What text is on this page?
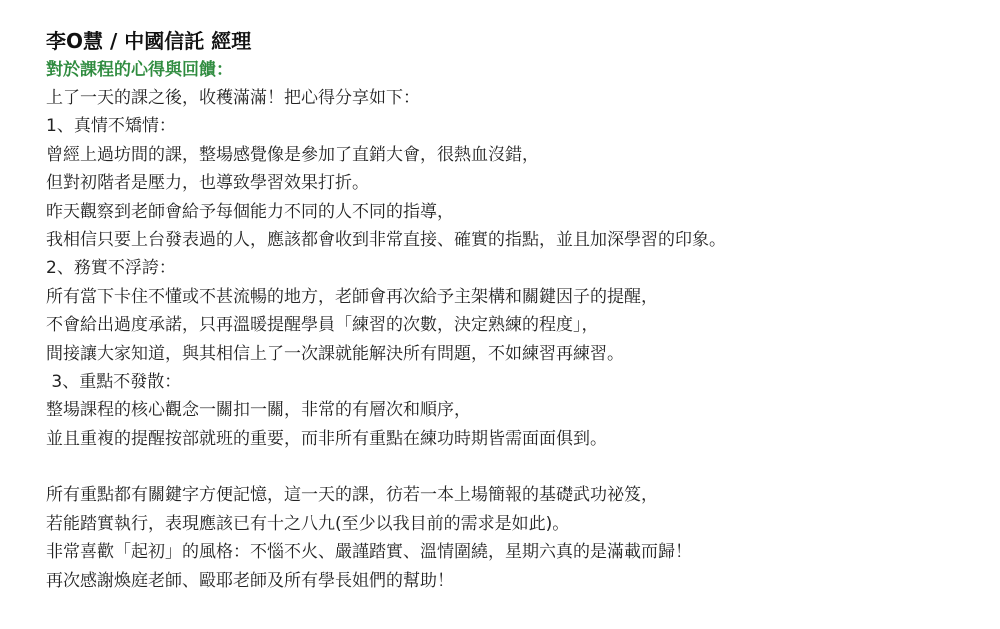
李O慧 / 中國信託 經理
對於課程的心得與回饋：
上了一天的課之後，收穫滿滿！把心得分享如下：
1、真情不矯情：
曾經上過坊間的課，整場感覺像是參加了直銷大會，很熱血沒錯，
但對初階者是壓力，也導致學習效果打折。
昨天觀察到老師會給予每個能力不同的人不同的指導，
我相信只要上台發表過的人，應該都會收到非常直接、確實的指點，並且加深學習的印象。
2、務實不浮誇：
所有當下卡住不懂或不甚流暢的地方，老師會再次給予主架構和關鍵因子的提醒，
不會給出過度承諾，只再溫暖提醒學員「練習的次數，決定熟練的程度」，
間接讓大家知道，與其相信上了一次課就能解決所有問題，不如練習再練習。
3、重點不發散：
整場課程的核心觀念一關扣一關，非常的有層次和順序，
並且重複的提醒按部就班的重要，而非所有重點在練功時期皆需面面俱到。
所有重點都有關鍵字方便記憶，這一天的課，彷若一本上場簡報的基礎武功祕笈，
若能踏實執行，表現應該已有十之八九(至少以我目前的需求是如此)。
非常喜歡「起初」的風格：不惱不火、嚴謹踏實、溫情圍繞，星期六真的是滿載而歸！
再次感謝煥庭老師、毆耶老師及所有學長姐們的幫助！
